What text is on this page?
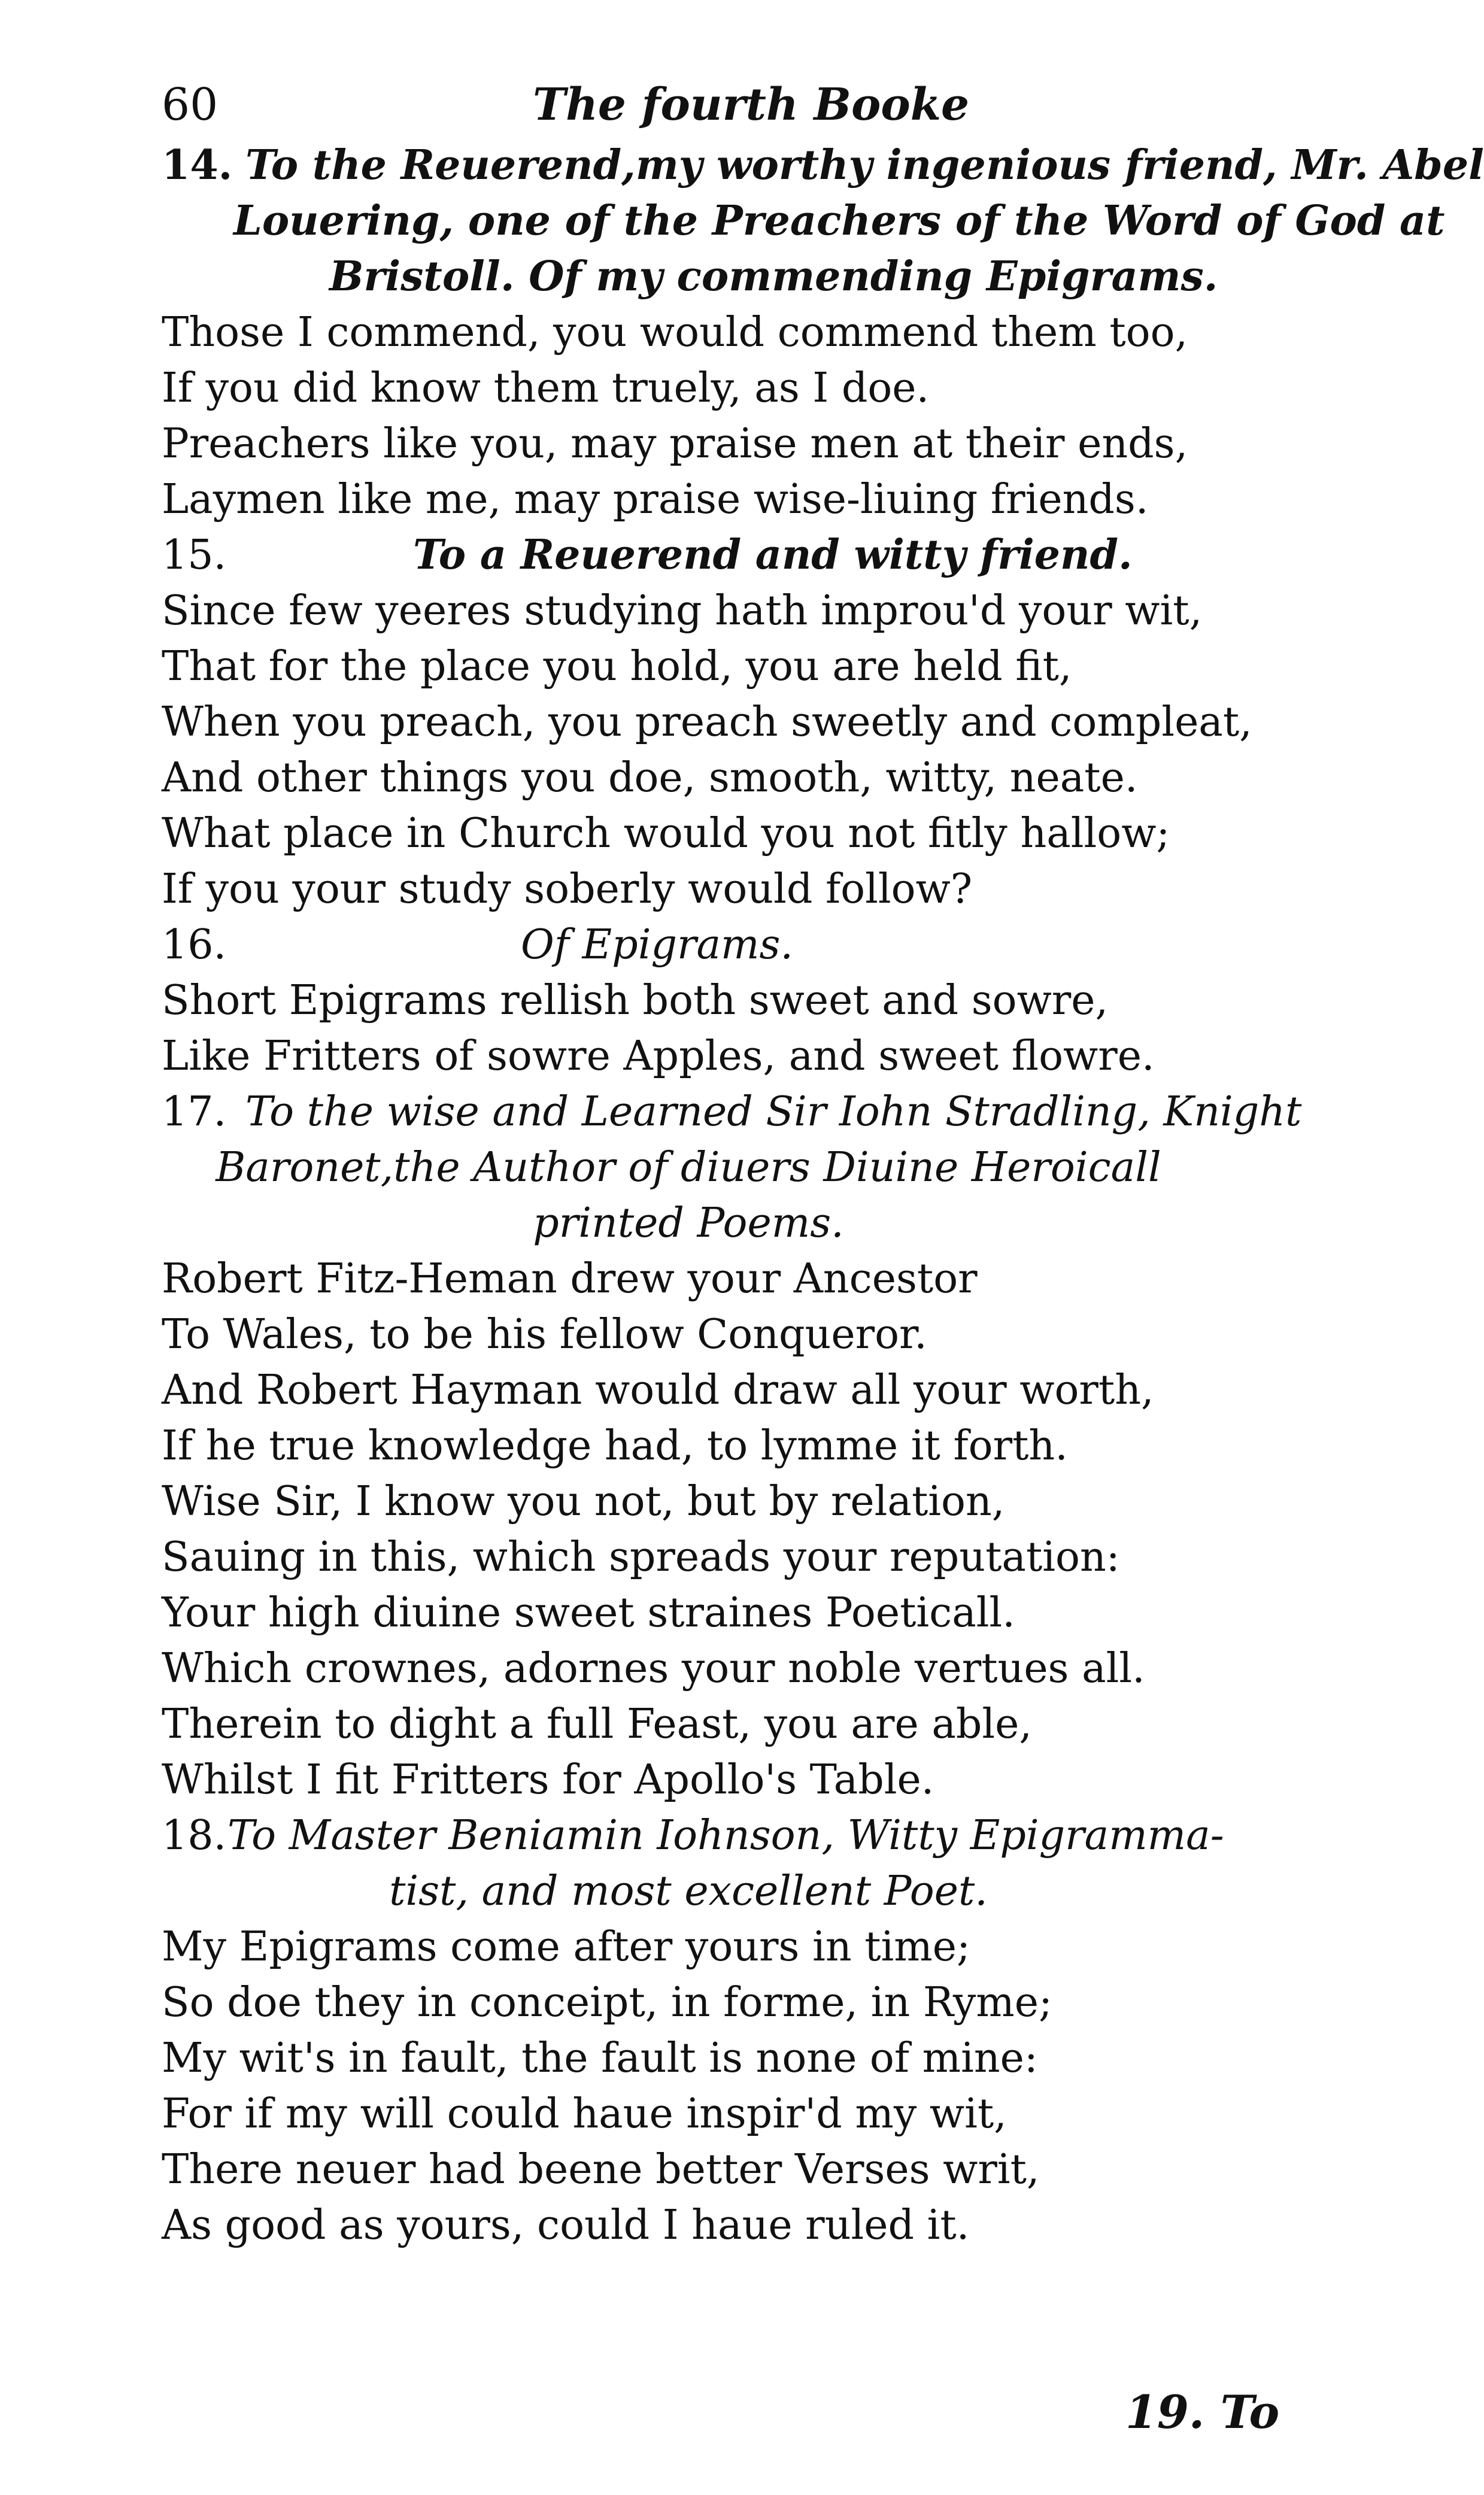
60	The fourth Booke
14. To the Reuerend,my worthy ingenious friend, Mr. Abel
Louering, one of the Preachers of the Word of God at
Bristoll. Of my commending Epigrams.
Those I commend, you would commend them too,
If you did know them truely, as I doe.
Preachers like you, may praise men at their ends,
Laymen like me, may praise wise-liuing friends.
15.	To a Reuerend and witty friend.
Since few yeeres studying hath improu'd your wit,
That for the place you hold, you are held fit,
When you preach, you preach sweetly and compleat,
And other things you doe, smooth, witty, neate.
What place in Church would you not fitly hallow;
If you your study soberly would follow?
16.	Of Epigrams.
Short Epigrams rellish both sweet and sowre,
Like Fritters of sowre Apples, and sweet flowre.
17. To the wise and Learned Sir Iohn Stradling, Knight
Baronet,the Author of diuers Diuine Heroicall
printed Poems.
Robert Fitz-Heman drew your Ancestor
To Wales, to be his fellow Conqueror.
And Robert Hayman would draw all your worth,
If he true knowledge had, to lymme it forth.
Wise Sir, I know you not, but by relation,
Sauing in this, which spreads your reputation:
Your high diuine sweet straines Poeticall.
Which crownes, adornes your noble vertues all.
Therein to dight a full Feast, you are able,
Whilst I fit Fritters for Apollo's Table.
18.To Master Beniamin Iohnson, Witty Epigramma-
tist, and most excellent Poet.
My Epigrams come after yours in time;
So doe they in conceipt, in forme, in Ryme;
My wit's in fault, the fault is none of mine:
For if my will could haue inspir'd my wit,
There neuer had beene better Verses writ,
As good as yours, could I haue ruled it.
19. To
